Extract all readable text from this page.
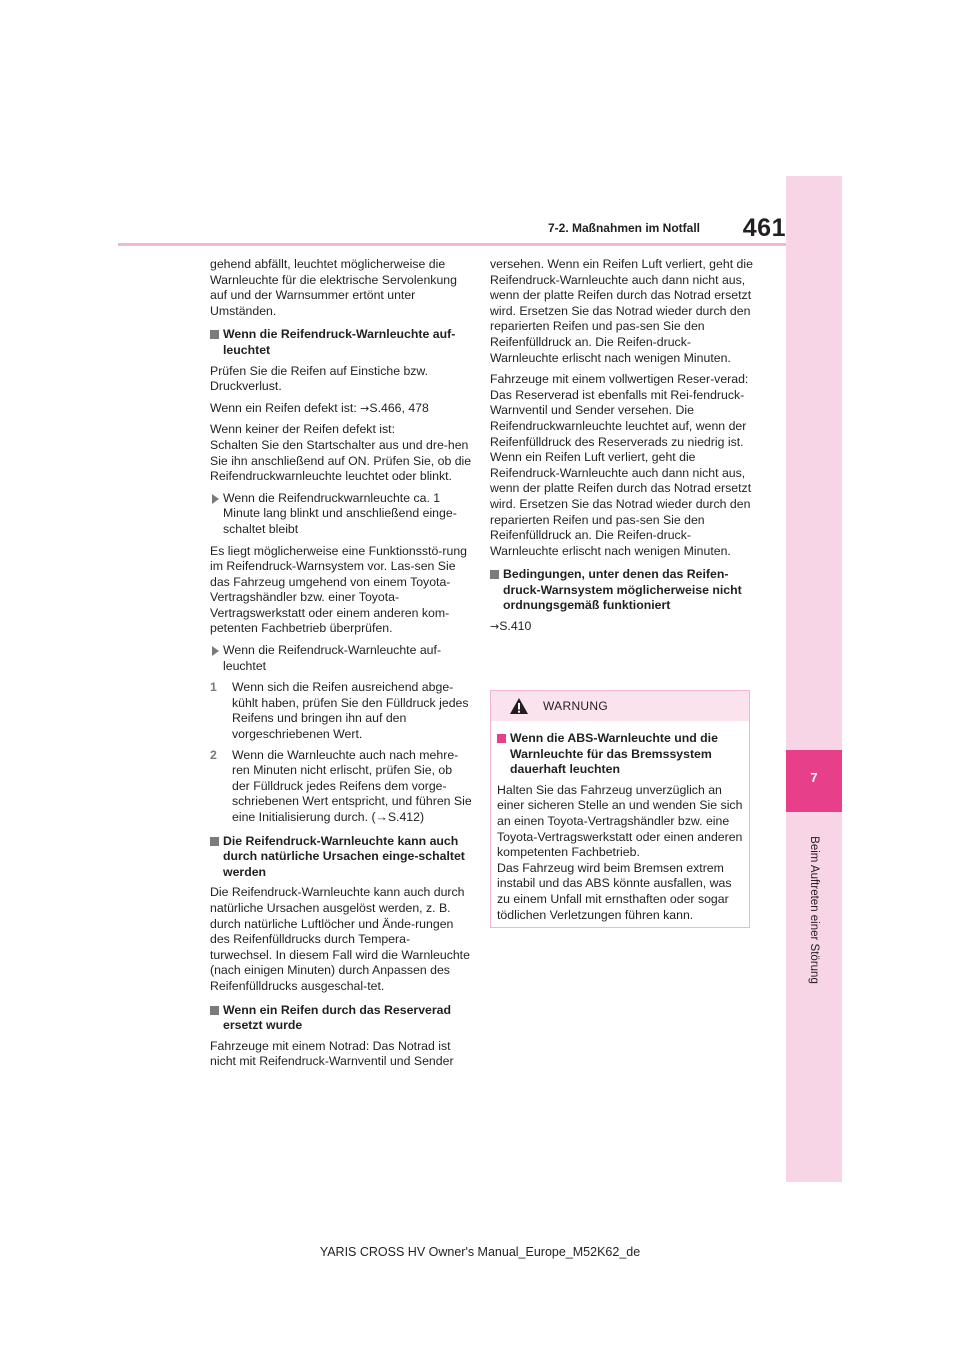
7-2. Maßnahmen im Notfall 461
7
Beim Auftreten einer Störung

gehend abfällt, leuchtet möglicherweise die Warnleuchte für die elektrische Servolenkung auf und der Warnsummer ertönt unter Umständen.

Wenn die Reifendruck-Warnleuchte auf-leuchtet

Prüfen Sie die Reifen auf Einstiche bzw. Druckverlust.

Wenn ein Reifen defekt ist: →S.466, 478

Wenn keiner der Reifen defekt ist:

Schalten Sie den Startschalter aus und dre-hen Sie ihn anschließend auf ON. Prüfen Sie, ob die Reifendruckwarnleuchte leuchtet oder blinkt.

Wenn die Reifendruckwarnleuchte ca. 1 Minute lang blinkt und anschließend einge-schaltet bleibt

Es liegt möglicherweise eine Funktionsstö-rung im Reifendruck-Warnsystem vor. Las-sen Sie das Fahrzeug umgehend von einem Toyota-Vertragshändler bzw. einer Toyota-Vertragswerkstatt oder einem anderen kom-petenten Fachbetrieb überprüfen.

Wenn die Reifendruck-Warnleuchte auf-leuchtet
1 Wenn sich die Reifen ausreichend abge-kühlt haben, prüfen Sie den Fülldruck jedes Reifens und bringen ihn auf den vorgeschriebenen Wert.
2 Wenn die Warnleuchte auch nach mehre-ren Minuten nicht erlischt, prüfen Sie, ob der Fülldruck jedes Reifens dem vorge-schriebenen Wert entspricht, und führen Sie eine Initialisierung durch. (→S.412)
Die Reifendruck-Warnleuchte kann auch durch natürliche Ursachen einge-schaltet werden

Die Reifendruck-Warnleuchte kann auch durch natürliche Ursachen ausgelöst werden, z. B. durch natürliche Luftlöcher und Ände-rungen des Reifenfülldrucks durch Tempera-turwechsel. In diesem Fall wird die Warnleuchte (nach einigen Minuten) durch Anpassen des Reifenfülldrucks ausgeschal-tet.

Wenn ein Reifen durch das Reserverad ersetzt wurde

Fahrzeuge mit einem Notrad: Das Notrad ist nicht mit Reifendruck-Warnventil und Sender

versehen. Wenn ein Reifen Luft verliert, geht die Reifendruck-Warnleuchte auch dann nicht aus, wenn der platte Reifen durch das Notrad ersetzt wird. Ersetzen Sie das Notrad wieder durch den reparierten Reifen und pas-sen Sie den Reifenfülldruck an. Die Reifen-druck-Warnleuchte erlischt nach wenigen Minuten.

Fahrzeuge mit einem vollwertigen Reser-verad: Das Reserverad ist ebenfalls mit Rei-fendruck-Warnventil und Sender versehen. Die Reifendruckwarnleuchte leuchtet auf, wenn der Reifenfülldruck des Reserverads zu niedrig ist. Wenn ein Reifen Luft verliert, geht die Reifendruck-Warnleuchte auch dann nicht aus, wenn der platte Reifen durch das Notrad ersetzt wird. Ersetzen Sie das Notrad wieder durch den reparierten Reifen und pas-sen Sie den Reifenfülldruck an. Die Reifen-druck-Warnleuchte erlischt nach wenigen Minuten.

Bedingungen, unter denen das Reifen-druck-Warnsystem möglicherweise nicht ordnungsgemäß funktioniert

→S.410

WARNUNG
Wenn die ABS-Warnleuchte und die Warnleuchte für das Bremssystem dauerhaft leuchten

Halten Sie das Fahrzeug unverzüglich an einer sicheren Stelle an und wenden Sie sich an einen Toyota-Vertragshändler bzw. eine Toyota-Vertragswerkstatt oder einen anderen kompetenten Fachbetrieb.

Das Fahrzeug wird beim Bremsen extrem instabil und das ABS könnte ausfallen, was zu einem Unfall mit ernsthaften oder sogar tödlichen Verletzungen führen kann.

YARIS CROSS HV Owner's Manual_Europe_M52K62_de
